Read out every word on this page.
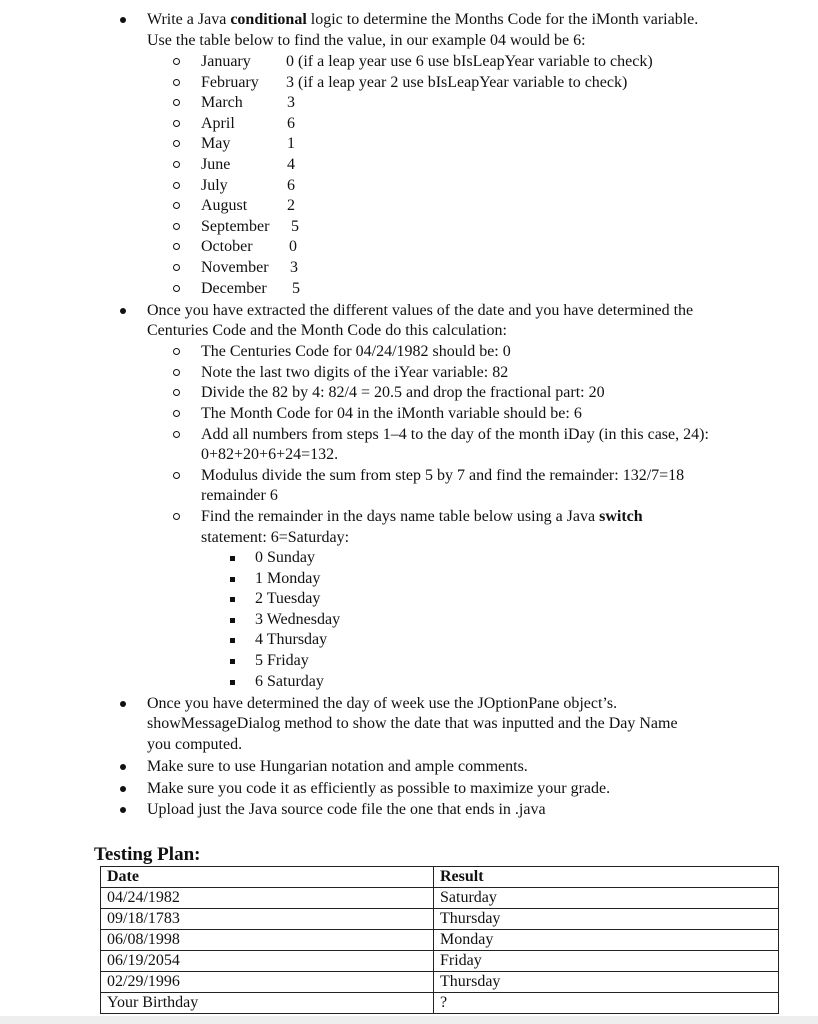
Write a Java conditional logic to determine the Months Code for the iMonth variable.
Use the table below to find the value, in our example 04 would be 6:
January 0 (if a leap year use 6 use bIsLeapYear variable to check)
February 3 (if a leap year 2 use bIsLeapYear variable to check)
March	3
April	6
May	1
June	4
July	6
August 2
September 5
October 0
November 3
December 5
Once you have extracted the different values of the date and you have determined the
Centuries Code and the Month Code do this calculation:
The Centuries Code for 04/24/1982 should be: 0
Note the last two digits of the iYear variable: 82
Divide the 82 by 4: 82/4 = 20.5 and drop the fractional part: 20
The Month Code for 04 in the iMonth variable should be: 6
Add all numbers from steps 1–4 to the day of the month iDay (in this case, 24):
0+82+20+6+24=132.
Modulus divide the sum from step 5 by 7 and find the remainder: 132/7=18
remainder 6
Find the remainder in the days name table below using a Java switch
statement: 6=Saturday:
0 Sunday
1 Monday
2 Tuesday
3 Wednesday
4 Thursday
5 Friday
6 Saturday
Once you have determined the day of week use the JOptionPane object’s.
showMessageDialog method to show the date that was inputted and the Day Name
you computed.
Make sure to use Hungarian notation and ample comments.
Make sure you code it as efficiently as possible to maximize your grade.
Upload just the Java source code file the one that ends in .java
Testing Plan:
Date	Result
04/24/1982	Saturday
09/18/1783	Thursday
06/08/1998	Monday
06/19/2054	Friday
02/29/1996	Thursday
Your Birthday	?
